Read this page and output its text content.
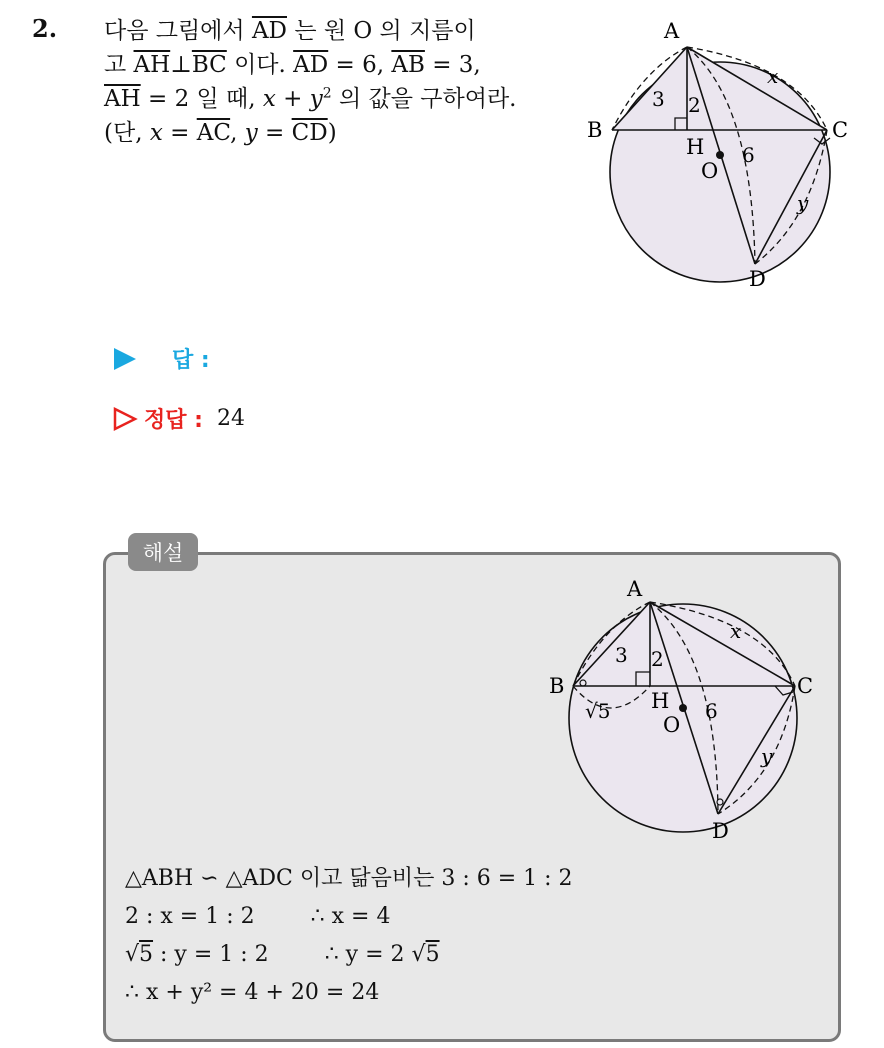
2. 다음 그림에서 $\overline{AD}$ 는 원 O 의 지름이
고 $\overline{AH}\perp\overline{BC}$ 이다. $\overline{AD} = 6$, $\overline{AB} = 3$,
$\overline{AH} = 2$ 일 때, $x + y^2$ 의 값을 구하여라.
(단, $x = \overline{AC}$, $y = \overline{CD}$)
A
B	C
D
H
O
3 2
6
x
y
답 :
정답 : 24
해설
A
B	C
D
H
O
3 2
6
x
y
√5
△ABH ∽ △ADC 이고 닮음비는 3 : 6 = 1 : 2
2 : x = 1 : 2	∴ x = 4
√5 : y = 1 : 2	∴ y = 2 √5
∴ x + y² = 4 + 20 = 24
